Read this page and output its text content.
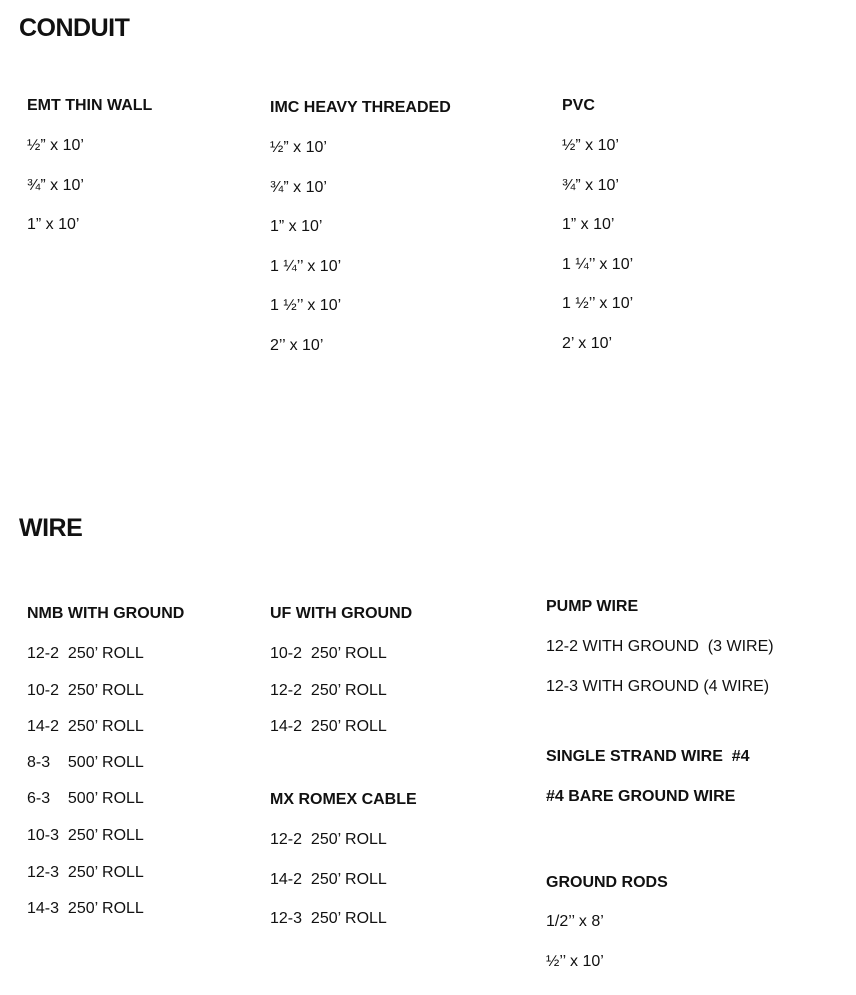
CONDUIT
EMT THIN WALL
½” x 10’
¾” x 10’
1” x 10’
IMC HEAVY THREADED
½” x 10’
¾” x 10’
1” x 10’
1 ¼’’ x 10’
1 ½’’ x 10’
2’’ x 10’
PVC
½” x 10’
¾” x 10’
1” x 10’
1 ¼’’ x 10’
1 ½’’ x 10’
2’ x 10’
WIRE
NMB WITH GROUND
12-2  250’ ROLL
10-2  250’ ROLL
14-2  250’ ROLL
8-3    500’ ROLL
6-3    500’ ROLL
10-3  250’ ROLL
12-3  250’ ROLL
14-3  250’ ROLL
UF WITH GROUND
10-2  250’ ROLL
12-2  250’ ROLL
14-2  250’ ROLL
MX ROMEX CABLE
12-2  250’ ROLL
14-2  250’ ROLL
12-3  250’ ROLL
PUMP WIRE
12-2 WITH GROUND  (3 WIRE)
12-3 WITH GROUND (4 WIRE)
SINGLE STRAND WIRE  #4
#4 BARE GROUND WIRE
GROUND RODS
1/2’’ x 8’
½’’ x 10’
